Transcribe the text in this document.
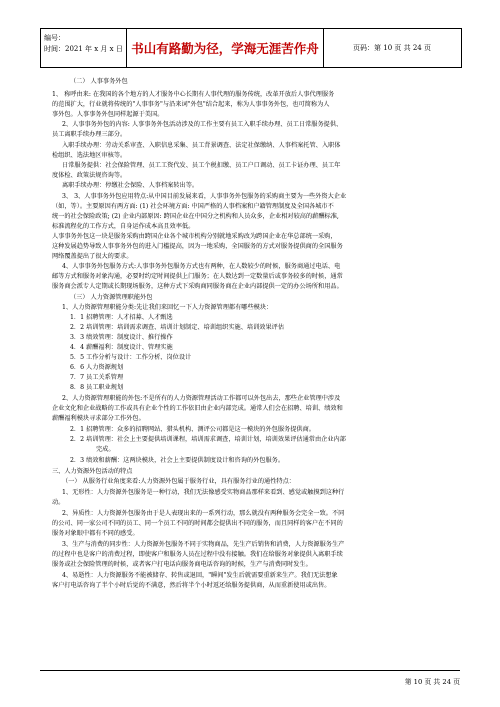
编号：
时间：2021 年 x 月 x 日 书山有路勤为径，学海无涯苦作舟	页码：第 10 页 共 24 页
（二） 人事事务外包
1、 称呼由来: 在我国的各个地方的人才服务中心长期有人事代理的服务传统，改革开放后人事代理服务
的范围扩大，行业就将传统的"人事事务"与沿来词"外包"结合起来，称为人事事务外包，也可简称为人
事外包。人事事务外包同样起源于美国。
2、人事事务外包的内容: 人事事务外包活动涉及的工作主要有员工入职手续办理、员工日常服务提供、
员工离职手续办理三部分。
入职手续办理：劳动关系审查、入职信息采集、员工背景调查、法定社保缴纳、人事档案托管、入职体
检组织、选法地区审核等。
日常服务提供：社会保险管理、员工工资代发、员工个税扣缴、员工户口调动、员工卡证办理、员工年
度体检、政策法规咨询等。
离职手续办理：停缴社会保险、人事档案转出等。
3、 3、人事事务外包应用特点:从中国目前发展来看，人事事务外包服务的采购商主要为一些外资大企业
（如，等）。主要原因有两方面: (1) 社会环境方面: 中国严格的人事档案和户籍管理制度及全国各城市不
统一的社会保险政策; (2) 企业内部原因: 跨国企业在中国分之机构和人员众多，企业相对较高的薪酬标准,
标准流程化的工作方式，自身运作成本高且效率低。
人事事务外包这一块是服务采购由跨国企业各个城市机构分别就地采购改为跨国企业在华总部统一采购，
这种发展趋势导致人事事务外包的进入门槛提高，因为一地采购，全国服务的方式对服务提供商的全国服务
网络覆盖提出了很大的要求。
4、人事事务外包服务方式:人事事务外包服务方式也有两种，在人数较少的时候，服务商通过电话、电
邮等方式和服务对象沟通，必要时约定时间提供上门服务；在人数达到一定数量后或事务较多的时候，通常
服务商会派专人定期或长期现场服务，这种方式下采购商同服务商在企业内部提供一定的办公场所和用品。
（三） 人力资源管理职能外包
1、人力资源管理职能分类:先让我们来回忆一下人力资源管理都有哪些模块：
1．1 招聘管理：人才招募、人才甄选
2．2 培训管理：培训需求调查、培训计划制定、培训组织实施、培训效果评估
3．3 绩效管理：制度设计、推行操作
4．4 薪酬福利：制度设计、管理实施
5．5 工作分析与设计：工作分析、岗位设计
6．6 人力资源规划
7．7 员工关系管理
8．8 员工职业规划
2、人力资源管理职能的外包:不是所有的人力资源管理活动工作都可以外包出去，那些企业管理中涉及
企业文化和企业战略的工作或具有企业个性的工作依旧由企业内部完成。通常人们会在招聘、培训、绩效和
薪酬福利模块寻求部分工作外包。
2．1 招聘管理：众多的招聘网站、猎头机构、测评公司都是这一模块的外包服务提供商。
2．2 培训管理：社会上主要提供培训课程，培训需求调查，培训计划，培训效果评估通常由企业内部
完成。
2．3 绩效和薪酬：这两块模块，社会上主要提供制度设计和咨询的外包服务。
三、人力资源外包活动的特点
（一） 从服务行业角度来看:人力资源外包属于服务行业，具有服务行业的通性特点：
1、无形性：人力资源外包服务是一种行动，我们无法像感受实物商品那样来看到、感觉或触摸到这种行
动。
2、异质性：人力资源外包服务由于是人表现出来的一系列行动，那么就没有两种服务会完全一致。不同
的公司、同一家公司不同的员工、同一个员工不同的时间都会提供出不同的服务，而且同样的客户在不同的
服务对象眼中都有不同的感受。
3、生产与消费的同步性：人力资源外包服务不同于实物商品，先生产后销售和消费，人力资源服务生产
的过程中也是客户的消费过程，即使客户和服务人员在过程中没有接触。我们在给服务对象提供入离职手续
服务或社会保险管理的时候，或者客户打电话向服务商电话咨询的时候，生产与消费同时发生。
4、易逝性：人力资源服务不能被储存、转售或退回，"瞬间"发生后就需要重新来生产。我们无法想象
客户打电话咨询了半个小时后觉的不满意，然后将半个小时返还给服务提供商，从而重新使用或出售。
第 10 页 共 24 页
